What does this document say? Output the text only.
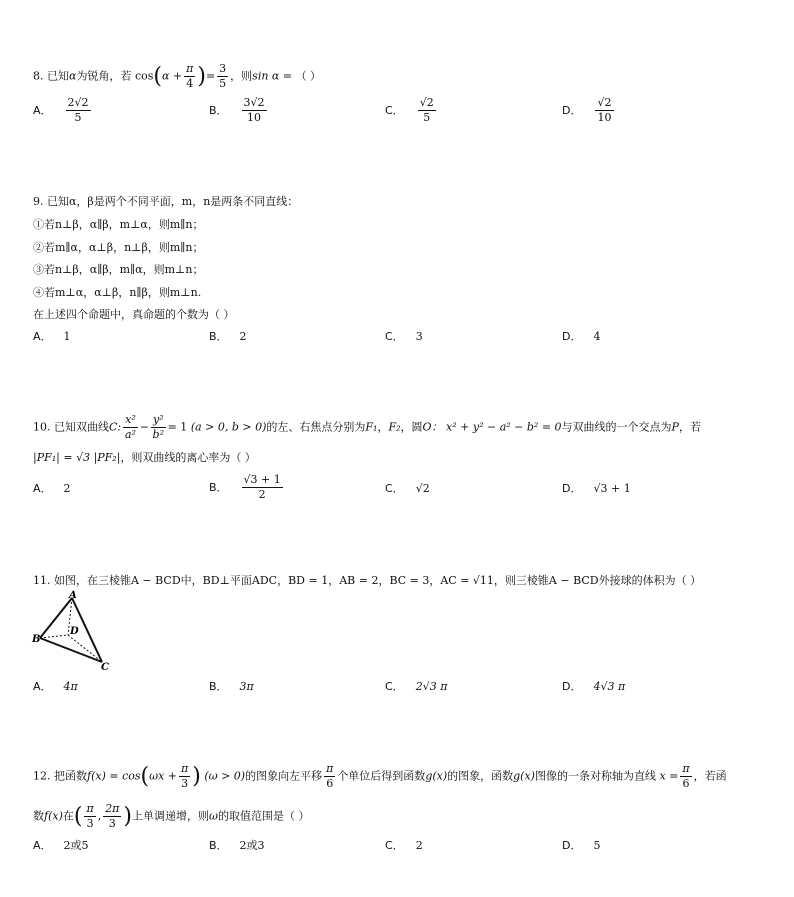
8. 已知α为锐角，若 $\cos(\alpha + \frac{\pi}{4}$ )= $\frac{3}{5}$ ，则sin α = （ ）
A． $\frac{2√2}{5}$	B． $\frac{3√2}{10}$	C． $\frac{√2}{5}$	D． $\frac{√2}{10}$
9. 已知α，β是两个不同平面，m，n是两条不同直线：
①若n⊥β，α∥β，m⊥α，则m∥n；
②若m∥α，α⊥β，n⊥β，则m∥n；
③若n⊥β，α∥β，m∥α，则m⊥n；
④若m⊥α，α⊥β，n∥β，则m⊥n.
在上述四个命题中，真命题的个数为（ ）
A． 1	B． 2	C． 3	D． 4
10. 已知双曲线C: $\frac{\text{x²}}{\text{a²}} - \frac{\text{y²}}{\text{b²}} = 1$ (a > 0, b > 0)的左、右焦点分别为F₁，F₂，圆O： x² + y² − a² − b² = 0与双曲线的一个交点为P，若
|PF₁| = √3 |PF₂|，则双曲线的离心率为（ ）
A． 2	B． $\frac{√3 + 1}{2}$	C． √2	D． √3 + 1
11. 如图，在三棱锥A − BCD中，BD⊥平面ADC，BD = 1，AB = 2，BC = 3，AC = √11，则三棱锥A − BCD外接球的体积为（ ）
A
B
D
C
A． 4π	B． 3π	C． 2√3 π	D． 4√3 π
12. 把函数$f(x) = \cos(\omega x + \frac{\pi}{3}$ ) (ω > 0)的图象向左平移 $\frac{\pi}{6}$ 个单位后得到函数g(x)的图象，函数g(x)图像的一条对称轴为直线 $x = \frac{\pi}{6}$ ，若函
数f(x)在( $\frac{\pi}{3}$ , $\frac{2\pi}{3}$ )上单调递增，则ω的取值范围是（ ）
A． 2或5	B． 2或3	C． 2	D． 5
